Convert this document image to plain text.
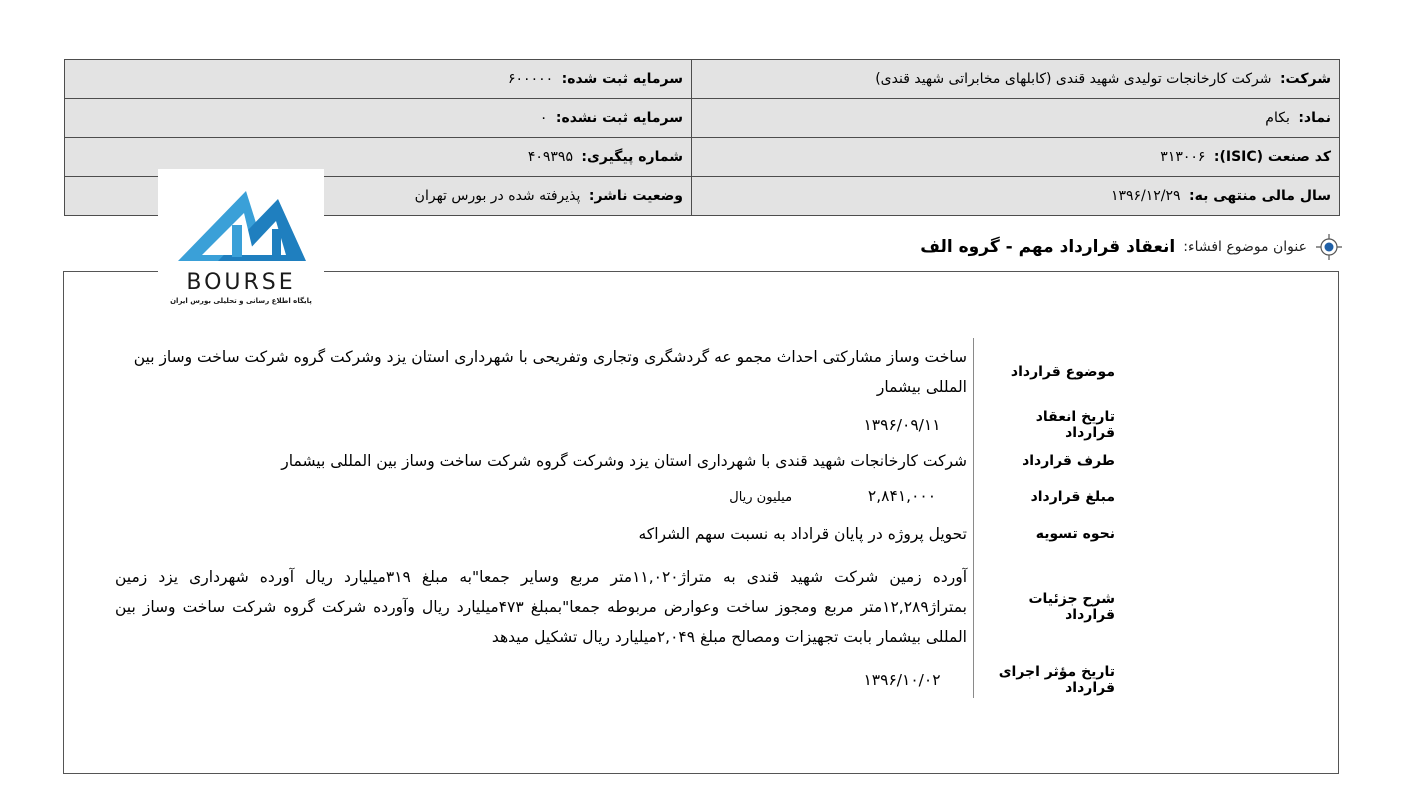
شرکت: شرکت کارخانجات تولیدی شهید قندی (کابلهای مخابراتی شهید قندی)	سرمایه ثبت شده: ۶۰۰۰۰۰
نماد: بکام	سرمایه ثبت نشده: ۰
کد صنعت (ISIC): ۳۱۳۰۰۶	شماره پیگیری: ۴۰۹۳۹۵
سال مالی منتهی به: ۱۳۹۶/۱۲/۲۹	وضعیت ناشر: پذیرفته شده در بورس تهران
BOURSE
پایگاه اطلاع رسانی و تحلیلی بورس ایران
عنوان موضوع افشاء:
انعقاد قرارداد مهم - گروه الف
موضوع قرارداد	ساخت وساز مشارکتی احداث مجمو عه گردشگری وتجاری وتفریحی با شهرداری استان یزد وشرکت گروه شرکت ساخت وساز بین المللی بیشمار
تاریخ انعقاد قرارداد	۱۳۹۶/۰۹/۱۱
طرف قرارداد	شرکت کارخانجات شهید قندی با شهرداری استان یزد وشرکت گروه شرکت ساخت وساز بین المللی بیشمار
مبلغ قرارداد	۲,۸۴۱,۰۰۰ میلیون ریال
نحوه تسویه	تحویل پروژه در پایان قراداد به نسبت سهم الشراکه
شرح جزئیات قرارداد	آورده زمین شرکت شهید قندی به متراژ۱۱,۰۲۰متر مربع وسایر جمعا"به مبلغ ۳۱۹میلیارد ریال آورده شهرداری یزد زمین بمتراژ۱۲,۲۸۹متر مربع ومجوز ساخت وعوارض مربوطه جمعا"بمبلغ ۴۷۳میلیارد ریال وآورده شرکت گروه شرکت ساخت وساز بین المللی بیشمار بابت تجهیزات ومصالح مبلغ ۲,۰۴۹میلیارد ریال تشکیل میدهد
تاریخ مؤثر اجرای قرارداد	۱۳۹۶/۱۰/۰۲
